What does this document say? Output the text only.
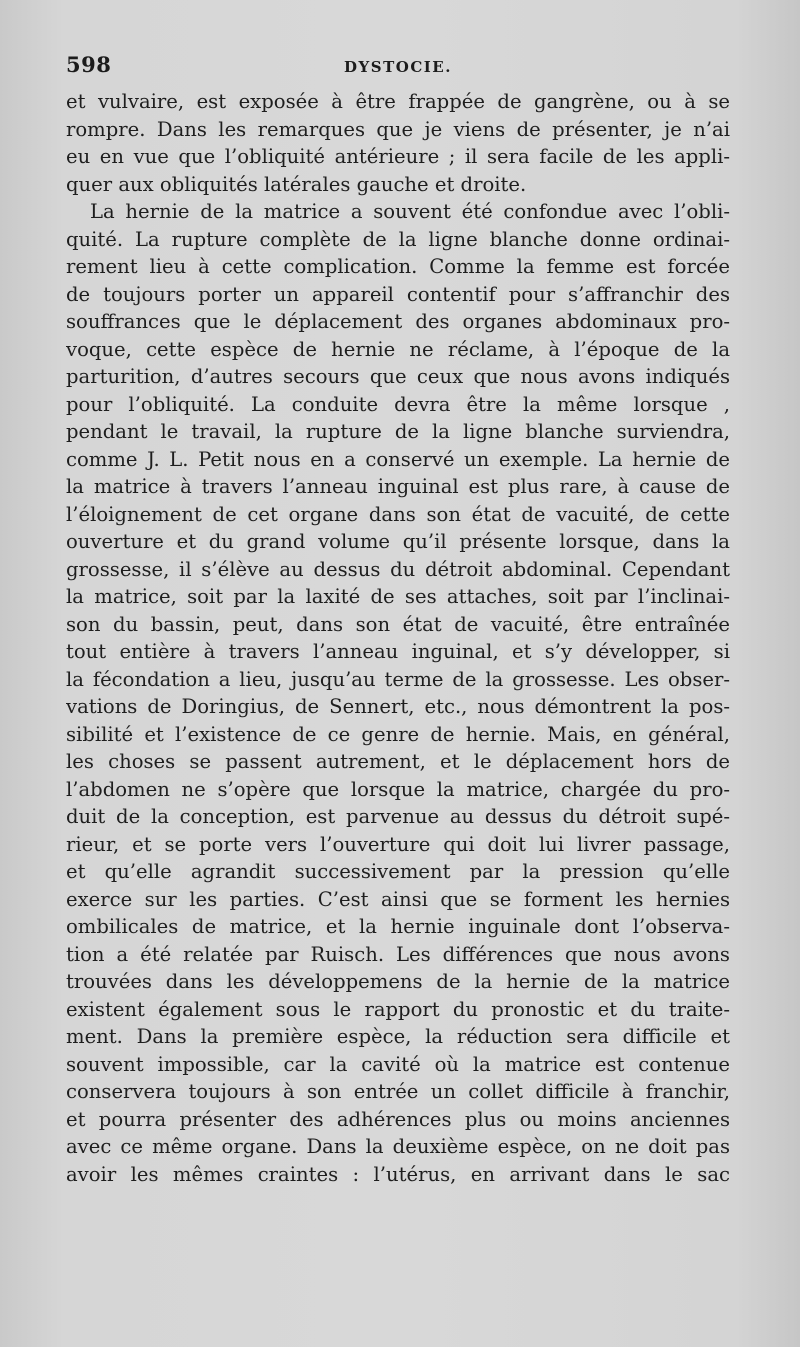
598	DYSTOCIE.
et vulvaire, est exposée à être frappée de gangrène, ou à se
rompre. Dans les remarques que je viens de présenter, je n’ai
eu en vue que l’obliquité antérieure ; il sera facile de les appli-
quer aux obliquités latérales gauche et droite.
La hernie de la matrice a souvent été confondue avec l’obli-
quité. La rupture complète de la ligne blanche donne ordinai-
rement lieu à cette complication. Comme la femme est forcée
de toujours porter un appareil contentif pour s’affranchir des
souffrances que le déplacement des organes abdominaux pro-
voque, cette espèce de hernie ne réclame, à l’époque de la
parturition, d’autres secours que ceux que nous avons indiqués
pour l’obliquité. La conduite devra être la même lorsque ,
pendant le travail, la rupture de la ligne blanche surviendra,
comme J. L. Petit nous en a conservé un exemple. La hernie de
la matrice à travers l’anneau inguinal est plus rare, à cause de
l’éloignement de cet organe dans son état de vacuité, de cette
ouverture et du grand volume qu’il présente lorsque, dans la
grossesse, il s’élève au dessus du détroit abdominal. Cependant
la matrice, soit par la laxité de ses attaches, soit par l’inclinai-
son du bassin, peut, dans son état de vacuité, être entraînée
tout entière à travers l’anneau inguinal, et s’y développer, si
la fécondation a lieu, jusqu’au terme de la grossesse. Les obser-
vations de Doringius, de Sennert, etc., nous démontrent la pos-
sibilité et l’existence de ce genre de hernie. Mais, en général,
les choses se passent autrement, et le déplacement hors de
l’abdomen ne s’opère que lorsque la matrice, chargée du pro-
duit de la conception, est parvenue au dessus du détroit supé-
rieur, et se porte vers l’ouverture qui doit lui livrer passage,
et qu’elle agrandit successivement par la pression qu’elle
exerce sur les parties. C’est ainsi que se forment les hernies
ombilicales de matrice, et la hernie inguinale dont l’observa-
tion a été relatée par Ruisch. Les différences que nous avons
trouvées dans les développemens de la hernie de la matrice
existent également sous le rapport du pronostic et du traite-
ment. Dans la première espèce, la réduction sera difficile et
souvent impossible, car la cavité où la matrice est contenue
conservera toujours à son entrée un collet difficile à franchir,
et pourra présenter des adhérences plus ou moins anciennes
avec ce même organe. Dans la deuxième espèce, on ne doit pas
avoir les mêmes craintes : l’utérus, en arrivant dans le sac
